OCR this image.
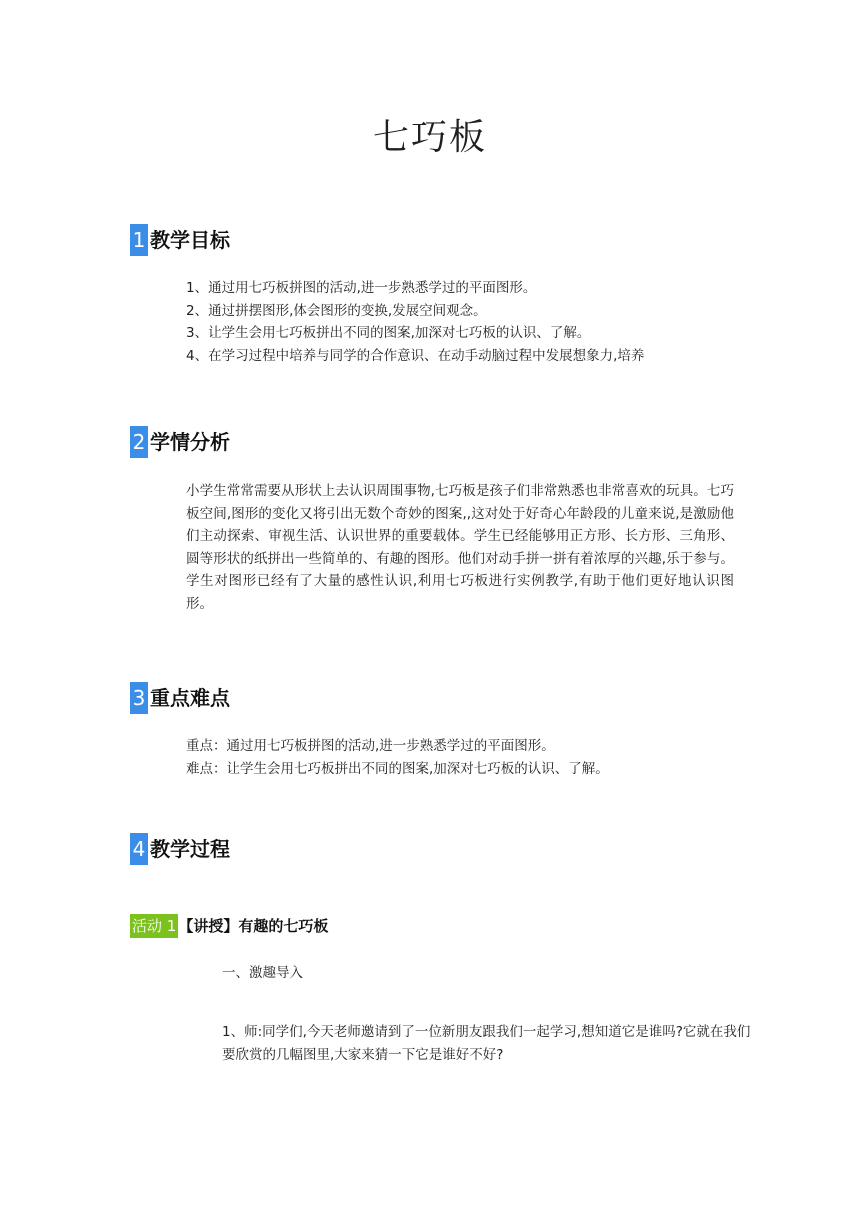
七巧板
1 教学目标
1、通过用七巧板拼图的活动,进一步熟悉学过的平面图形。
2、通过拼摆图形,体会图形的变换,发展空间观念。
3、让学生会用七巧板拼出不同的图案,加深对七巧板的认识、了解。
4、在学习过程中培养与同学的合作意识、在动手动脑过程中发展想象力,培养
2 学情分析

小学生常常需要从形状上去认识周围事物,七巧板是孩子们非常熟悉也非常喜欢的玩具。七巧板空间,图形的变化又将引出无数个奇妙的图案,,这对处于好奇心年龄段的儿童来说,是激励他们主动探索、审视生活、认识世界的重要载体。学生已经能够用正方形、长方形、三角形、圆等形状的纸拼出一些简单的、有趣的图形。他们对动手拼一拼有着浓厚的兴趣,乐于参与。学生对图形已经有了大量的感性认识,利用七巧板进行实例教学,有助于他们更好地认识图形。

3 重点难点
重点：通过用七巧板拼图的活动,进一步熟悉学过的平面图形。
难点：让学生会用七巧板拼出不同的图案,加深对七巧板的认识、了解。
4 教学过程
活动 1 【讲授】有趣的七巧板

一、激趣导入

1、师:同学们,今天老师邀请到了一位新朋友跟我们一起学习,想知道它是谁吗?它就在我们要欣赏的几幅图里,大家来猜一下它是谁好不好?
